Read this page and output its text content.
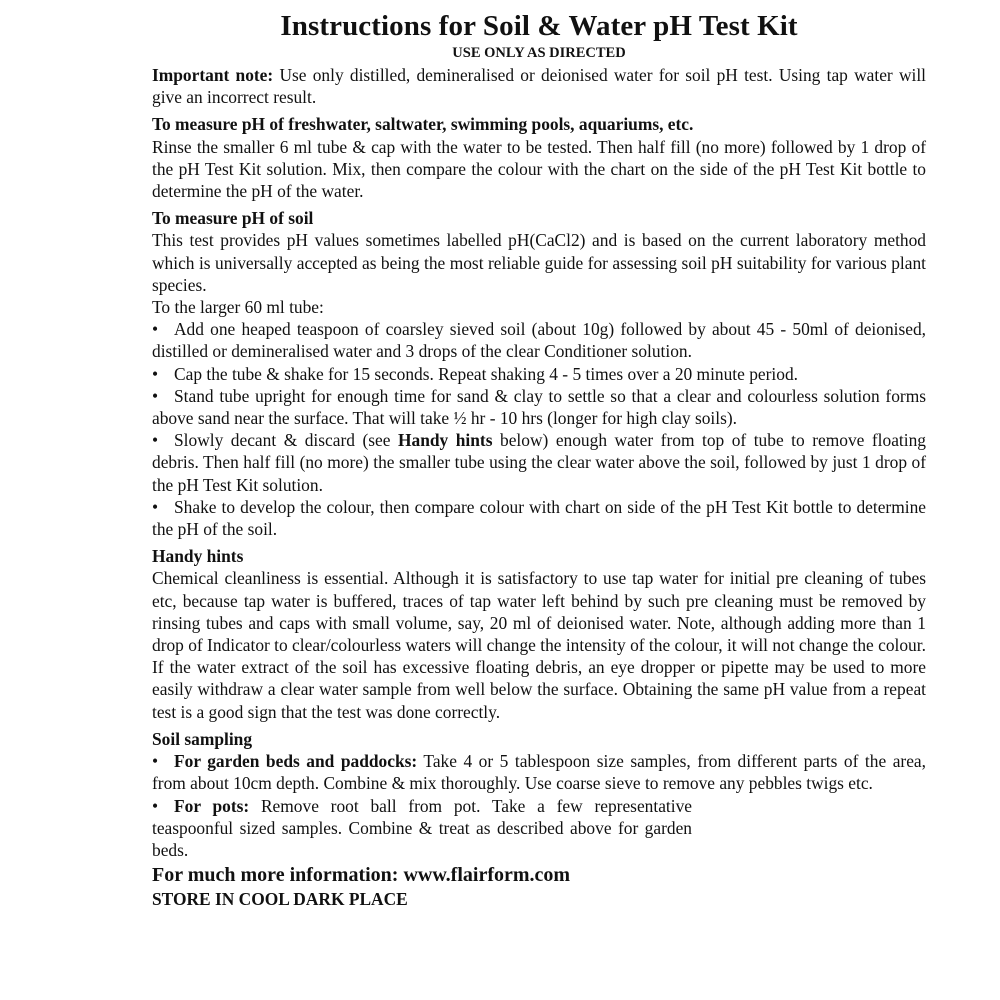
Instructions for Soil & Water pH Test Kit
USE ONLY AS DIRECTED

Important note: Use only distilled, demineralised or deionised water for soil pH test. Using tap water will give an incorrect result.

To measure pH of freshwater, saltwater, swimming pools, aquariums, etc.

Rinse the smaller 6 ml tube & cap with the water to be tested. Then half fill (no more) followed by 1 drop of the pH Test Kit solution. Mix, then compare the colour with the chart on the side of the pH Test Kit bottle to determine the pH of the water.

To measure pH of soil

This test provides pH values sometimes labelled pH(CaCl2) and is based on the current laboratory method which is universally accepted as being the most reliable guide for assessing soil pH suitability for various plant species.

To the larger 60 ml tube:

• Add one heaped teaspoon of coarsley sieved soil (about 10g) followed by about 45 - 50ml of deionised, distilled or demineralised water and 3 drops of the clear Conditioner solution.

• Cap the tube & shake for 15 seconds. Repeat shaking 4 - 5 times over a 20 minute period.

• Stand tube upright for enough time for sand & clay to settle so that a clear and colourless solution forms above sand near the surface. That will take ½ hr - 10 hrs (longer for high clay soils).

• Slowly decant & discard (see Handy hints below) enough water from top of tube to remove floating debris. Then half fill (no more) the smaller tube using the clear water above the soil, followed by just 1 drop of the pH Test Kit solution.

• Shake to develop the colour, then compare colour with chart on side of the pH Test Kit bottle to determine the pH of the soil.

Handy hints

Chemical cleanliness is essential. Although it is satisfactory to use tap water for initial pre cleaning of tubes etc, because tap water is buffered, traces of tap water left behind by such pre cleaning must be removed by rinsing tubes and caps with small volume, say, 20 ml of deionised water. Note, although adding more than 1 drop of Indicator to clear/colourless waters will change the intensity of the colour, it will not change the colour.

If the water extract of the soil has excessive floating debris, an eye dropper or pipette may be used to more easily withdraw a clear water sample from well below the surface. Obtaining the same pH value from a repeat test is a good sign that the test was done correctly.

Soil sampling

• For garden beds and paddocks: Take 4 or 5 tablespoon size samples, from different parts of the area, from about 10cm depth. Combine & mix thoroughly. Use coarse sieve to remove any pebbles twigs etc.

• For pots: Remove root ball from pot. Take a few representative teaspoonful sized samples. Combine & treat as described above for garden beds.

For much more information: www.flairform.com

STORE IN COOL DARK PLACE
